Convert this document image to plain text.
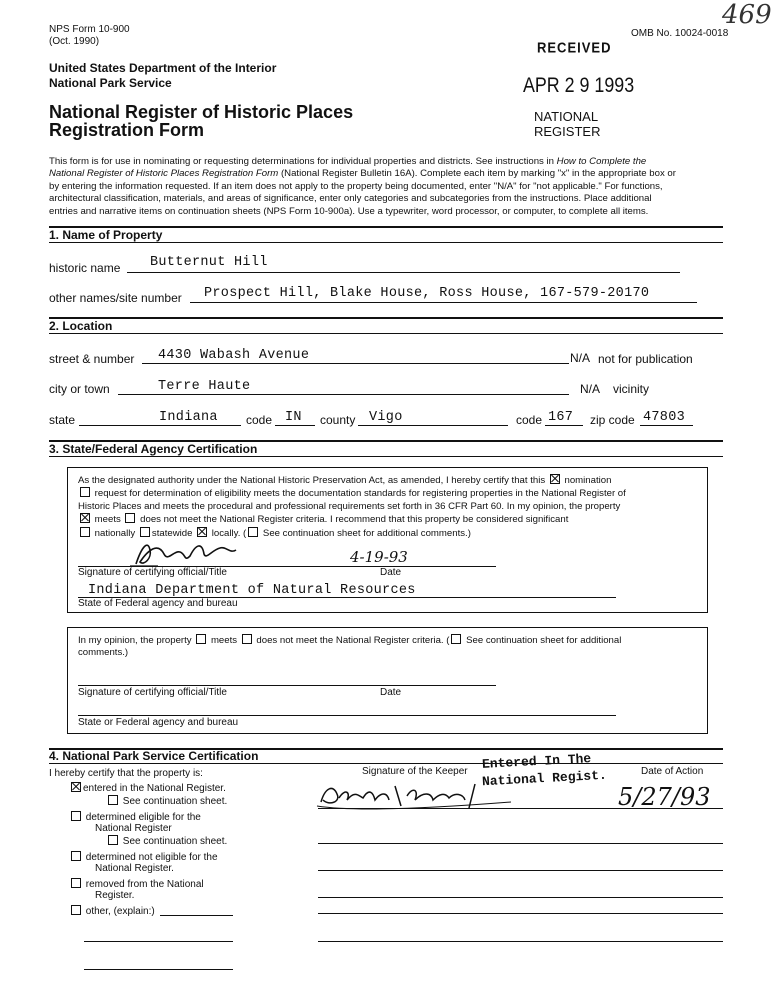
NPS Form 10-900
(Oct. 1990)
OMB No. 10024-0018
469
United States Department of the Interior
National Park Service
National Register of Historic Places
Registration Form
RECEIVED
APR 2 9 1993
NATIONAL
REGISTER
This form is for use in nominating or requesting determinations for individual properties and districts. See instructions in How to Complete the
National Register of Historic Places Registration Form (National Register Bulletin 16A). Complete each item by marking "x" in the appropriate box or
by entering the information requested. If an item does not apply to the property being documented, enter "N/A" for "not applicable." For functions,
architectural classification, materials, and areas of significance, enter only categories and subcategories from the instructions. Place additional
entries and narrative items on continuation sheets (NPS Form 10-900a). Use a typewriter, word processor, or computer, to complete all items.
1. Name of Property
historic name Butternut Hill
other names/site number Prospect Hill, Blake House, Ross House, 167-579-20170
2. Location
street & number 4430 Wabash Avenue	N/A not for publication
city or town	Terre Haute	N/A vicinity
state	Indiana code IN county Vigo	code 167 zip code 47803
3. State/Federal Agency Certification
As the designated authority under the National Historic Preservation Act, as amended, I hereby certify that this nomination
request for determination of eligibility meets the documentation standards for registering properties in the National Register of
Historic Places and meets the procedural and professional requirements set forth in 36 CFR Part 60. In my opinion, the property
meets does not meet the National Register criteria. I recommend that this property be considered significant
nationally statewide locally. ( See continuation sheet for additional comments.)
4-19-93
Signature of certifying official/Title	Date
Indiana Department of Natural Resources
State of Federal agency and bureau
In my opinion, the property meets does not meet the National Register criteria. ( See continuation sheet for additional
comments.)
Signature of certifying official/Title	Date
State or Federal agency and bureau
4. National Park Service Certification
I hereby certify that the property is:	Signature of the Keeper	Date of Action
Entered In The
National Regist.
5/27/93
entered in the National Register.
See continuation sheet.
determined eligible for the
National Register
See continuation sheet.
determined not eligible for the
National Register.
removed from the National
Register.
other, (explain:)
